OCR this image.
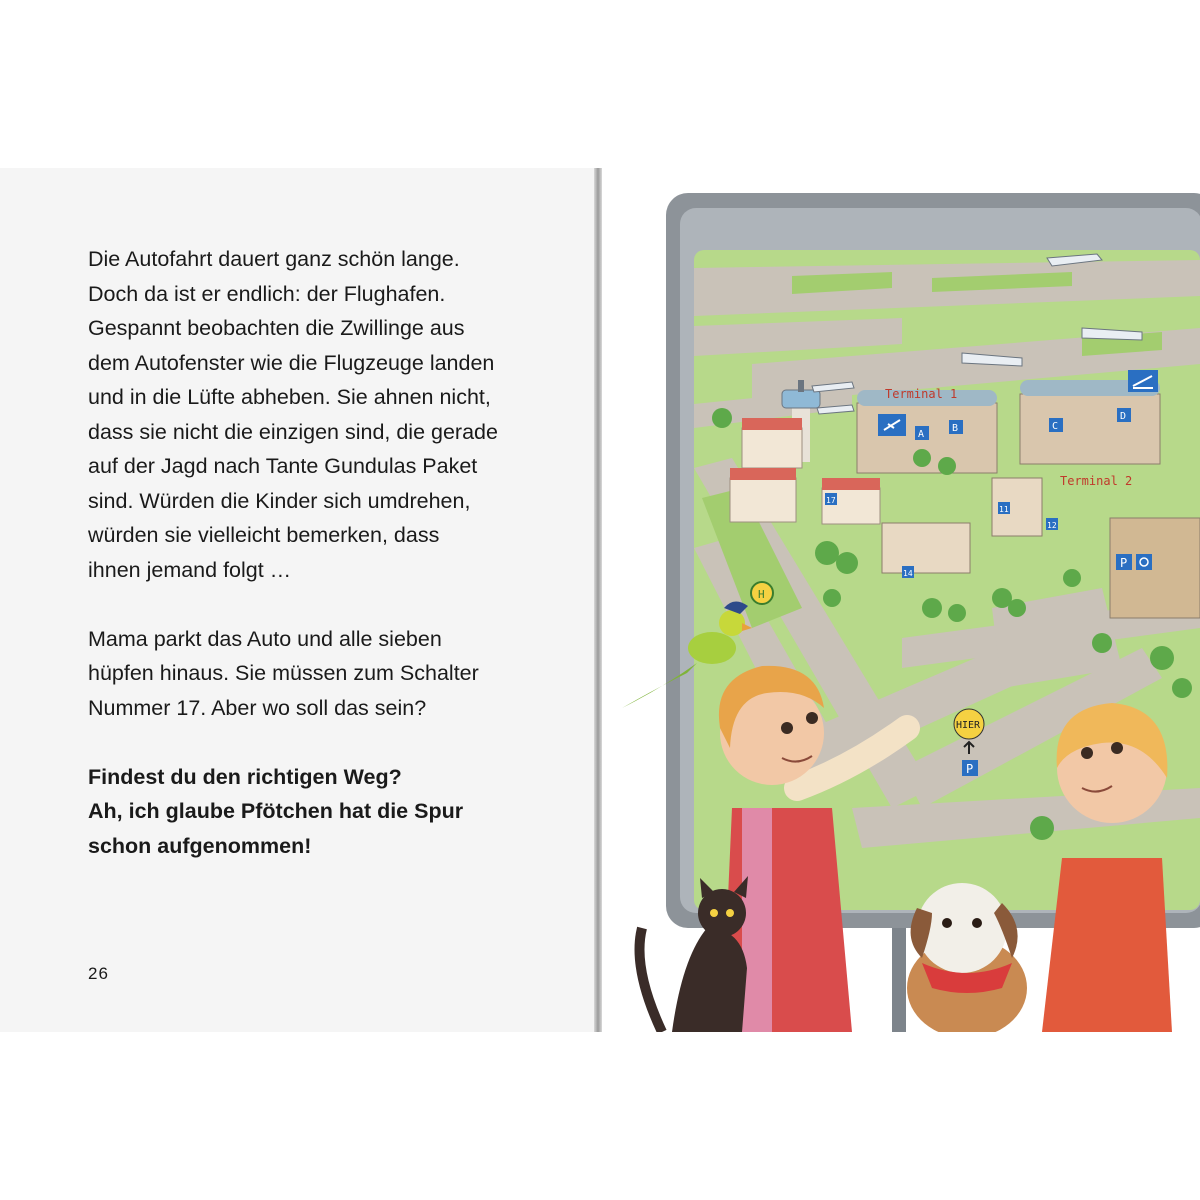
Die Autofahrt dauert ganz schön lange.

Doch da ist er endlich: der Flughafen.

Gespannt beobachten die Zwillinge aus

dem Autofenster wie die Flugzeuge landen

und in die Lüfte abheben. Sie ahnen nicht,

dass sie nicht die einzigen sind, die gerade

auf der Jagd nach Tante Gundulas Paket

sind. Würden die Kinder sich umdrehen,

würden sie vielleicht bemerken, dass

ihnen jemand folgt …

Mama parkt das Auto und alle sieben

hüpfen hinaus. Sie müssen zum Schalter

Nummer 17. Aber wo soll das sein?

Findest du den richtigen Weg?

Ah, ich glaube Pfötchen hat die Spur

schon aufgenommen!

26
Terminal 1
A
B	C
D
Terminal 2
11
12
14
17
P
HIER
P
H
